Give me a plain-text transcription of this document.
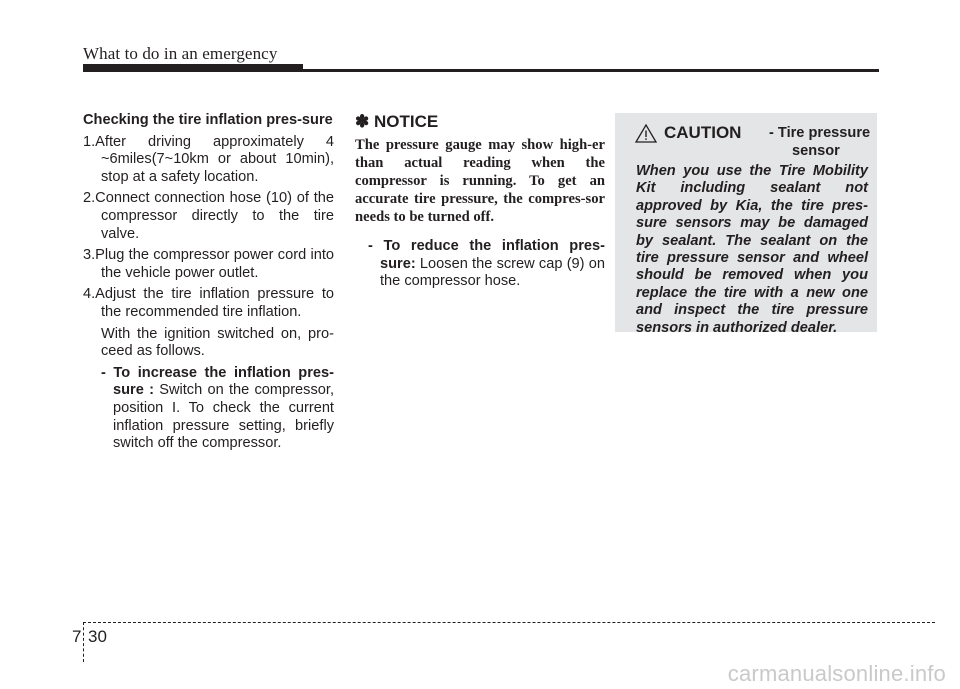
What to do in an emergency

Checking the tire inflation pres-sure

1.After driving approximately 4 ~6miles(7~10km or about 10min), stop at a safety location.

2.Connect connection hose (10) of the compressor directly to the tire valve.

3.Plug the compressor power cord into the vehicle power outlet.

4.Adjust the tire inflation pressure to the recommended tire inflation.

With the ignition switched on, pro-ceed as follows.

- To increase the inflation pres-sure : Switch on the compressor, position I. To check the current inflation pressure setting, briefly switch off the compressor.

✽ NOTICE

The pressure gauge may show high-er than actual reading when the compressor is running. To get an accurate tire pressure, the compres-sor needs to be turned off.

- To reduce the inflation pres-sure: Loosen the screw cap (9) on the compressor hose.

CAUTION - Tire pressure
sensor

When you use the Tire Mobility Kit including sealant not approved by Kia, the tire pres-sure sensors may be damaged by sealant. The sealant on the tire pressure sensor and wheel should be removed when you replace the tire with a new one and inspect the tire pressure sensors in authorized dealer.

7 30
carmanualsonline.info
